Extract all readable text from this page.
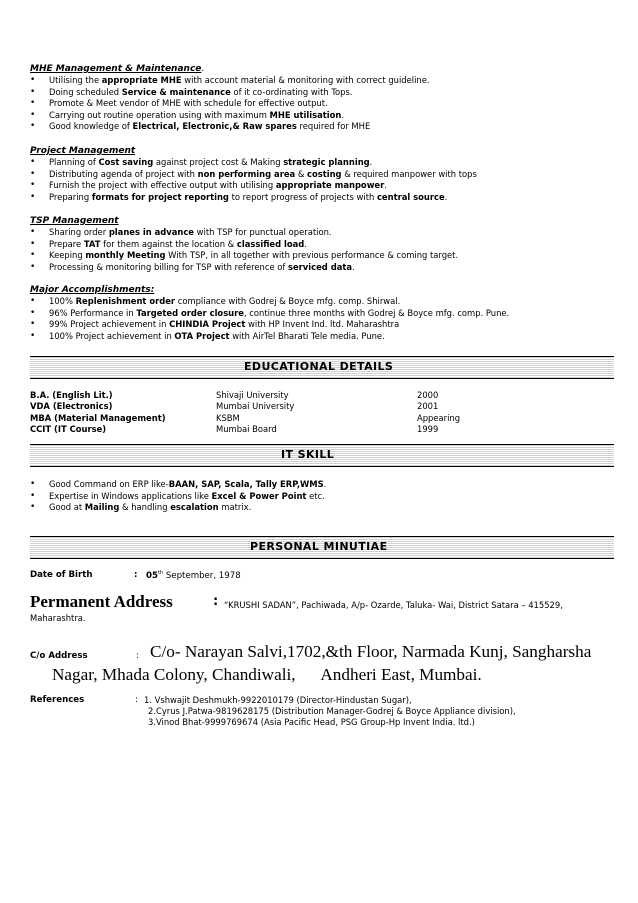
MHE Management & Maintenance.
• Utilising the appropriate MHE with account material & monitoring with correct guideline.
• Doing scheduled Service & maintenance of it co-ordinating with Tops.
• Promote & Meet vendor of MHE with schedule for effective output.
• Carrying out routine operation using with maximum MHE utilisation.
• Good knowledge of Electrical, Electronic,& Raw spares required for MHE
Project Management
• Planning of Cost saving against project cost & Making strategic planning.
• Distributing agenda of project with non performing area & costing & required manpower with tops
• Furnish the project with effective output with utilising appropriate manpower.
• Preparing formats for project reporting to report progress of projects with central source.
TSP Management
• Sharing order planes in advance with TSP for punctual operation.
• Prepare TAT for them against the location & classified load.
• Keeping monthly Meeting With TSP, in all together with previous performance & coming target.
• Processing & monitoring billing for TSP with reference of serviced data.
Major Accomplishments:
• 100% Replenishment order compliance with Godrej & Boyce mfg. comp. Shirwal.
• 96% Performance in Targeted order closure, continue three months with Godrej & Boyce mfg. comp. Pune.
• 99% Project achievement in CHINDIA Project with HP Invent Ind. ltd. Maharashtra
• 100% Project achievement in OTA Project with AirTel Bharati Tele media. Pune.
EDUCATIONAL DETAILS
B.A. (English Lit.)	Shivaji University	2000
VDA (Electronics)	Mumbai University	2001
MBA (Material Management)	KSBM	Appearing
CCIT (IT Course)	Mumbai Board	1999
IT SKILL
• Good Command on ERP like-BAAN, SAP, Scala, Tally ERP,WMS.
• Expertise in Windows applications like Excel & Power Point etc.
• Good at Mailing & handling escalation matrix.
PERSONAL MINUTIAE
Date of Birth	: 05th September, 1978
Permanent Address	: “KRUSHI SADAN”, Pachiwada, A/p- Ozarde, Taluka- Wai, District Satara – 415529,
Maharashtra.
C/o Address	: C/o- Narayan Salvi,1702,&th Floor, Narmada Kunj, Sangharsha
Nagar, Mhada Colony, Chandiwali,      Andheri East, Mumbai.
References	: 1. Vshwajit Deshmukh-9922010179 (Director-Hindustan Sugar),
2.Cyrus J.Patwa-9819628175 (Distribution Manager-Godrej & Boyce Appliance division),
3.Vinod Bhat-9999769674 (Asia Pacific Head, PSG Group-Hp Invent India. ltd.)
